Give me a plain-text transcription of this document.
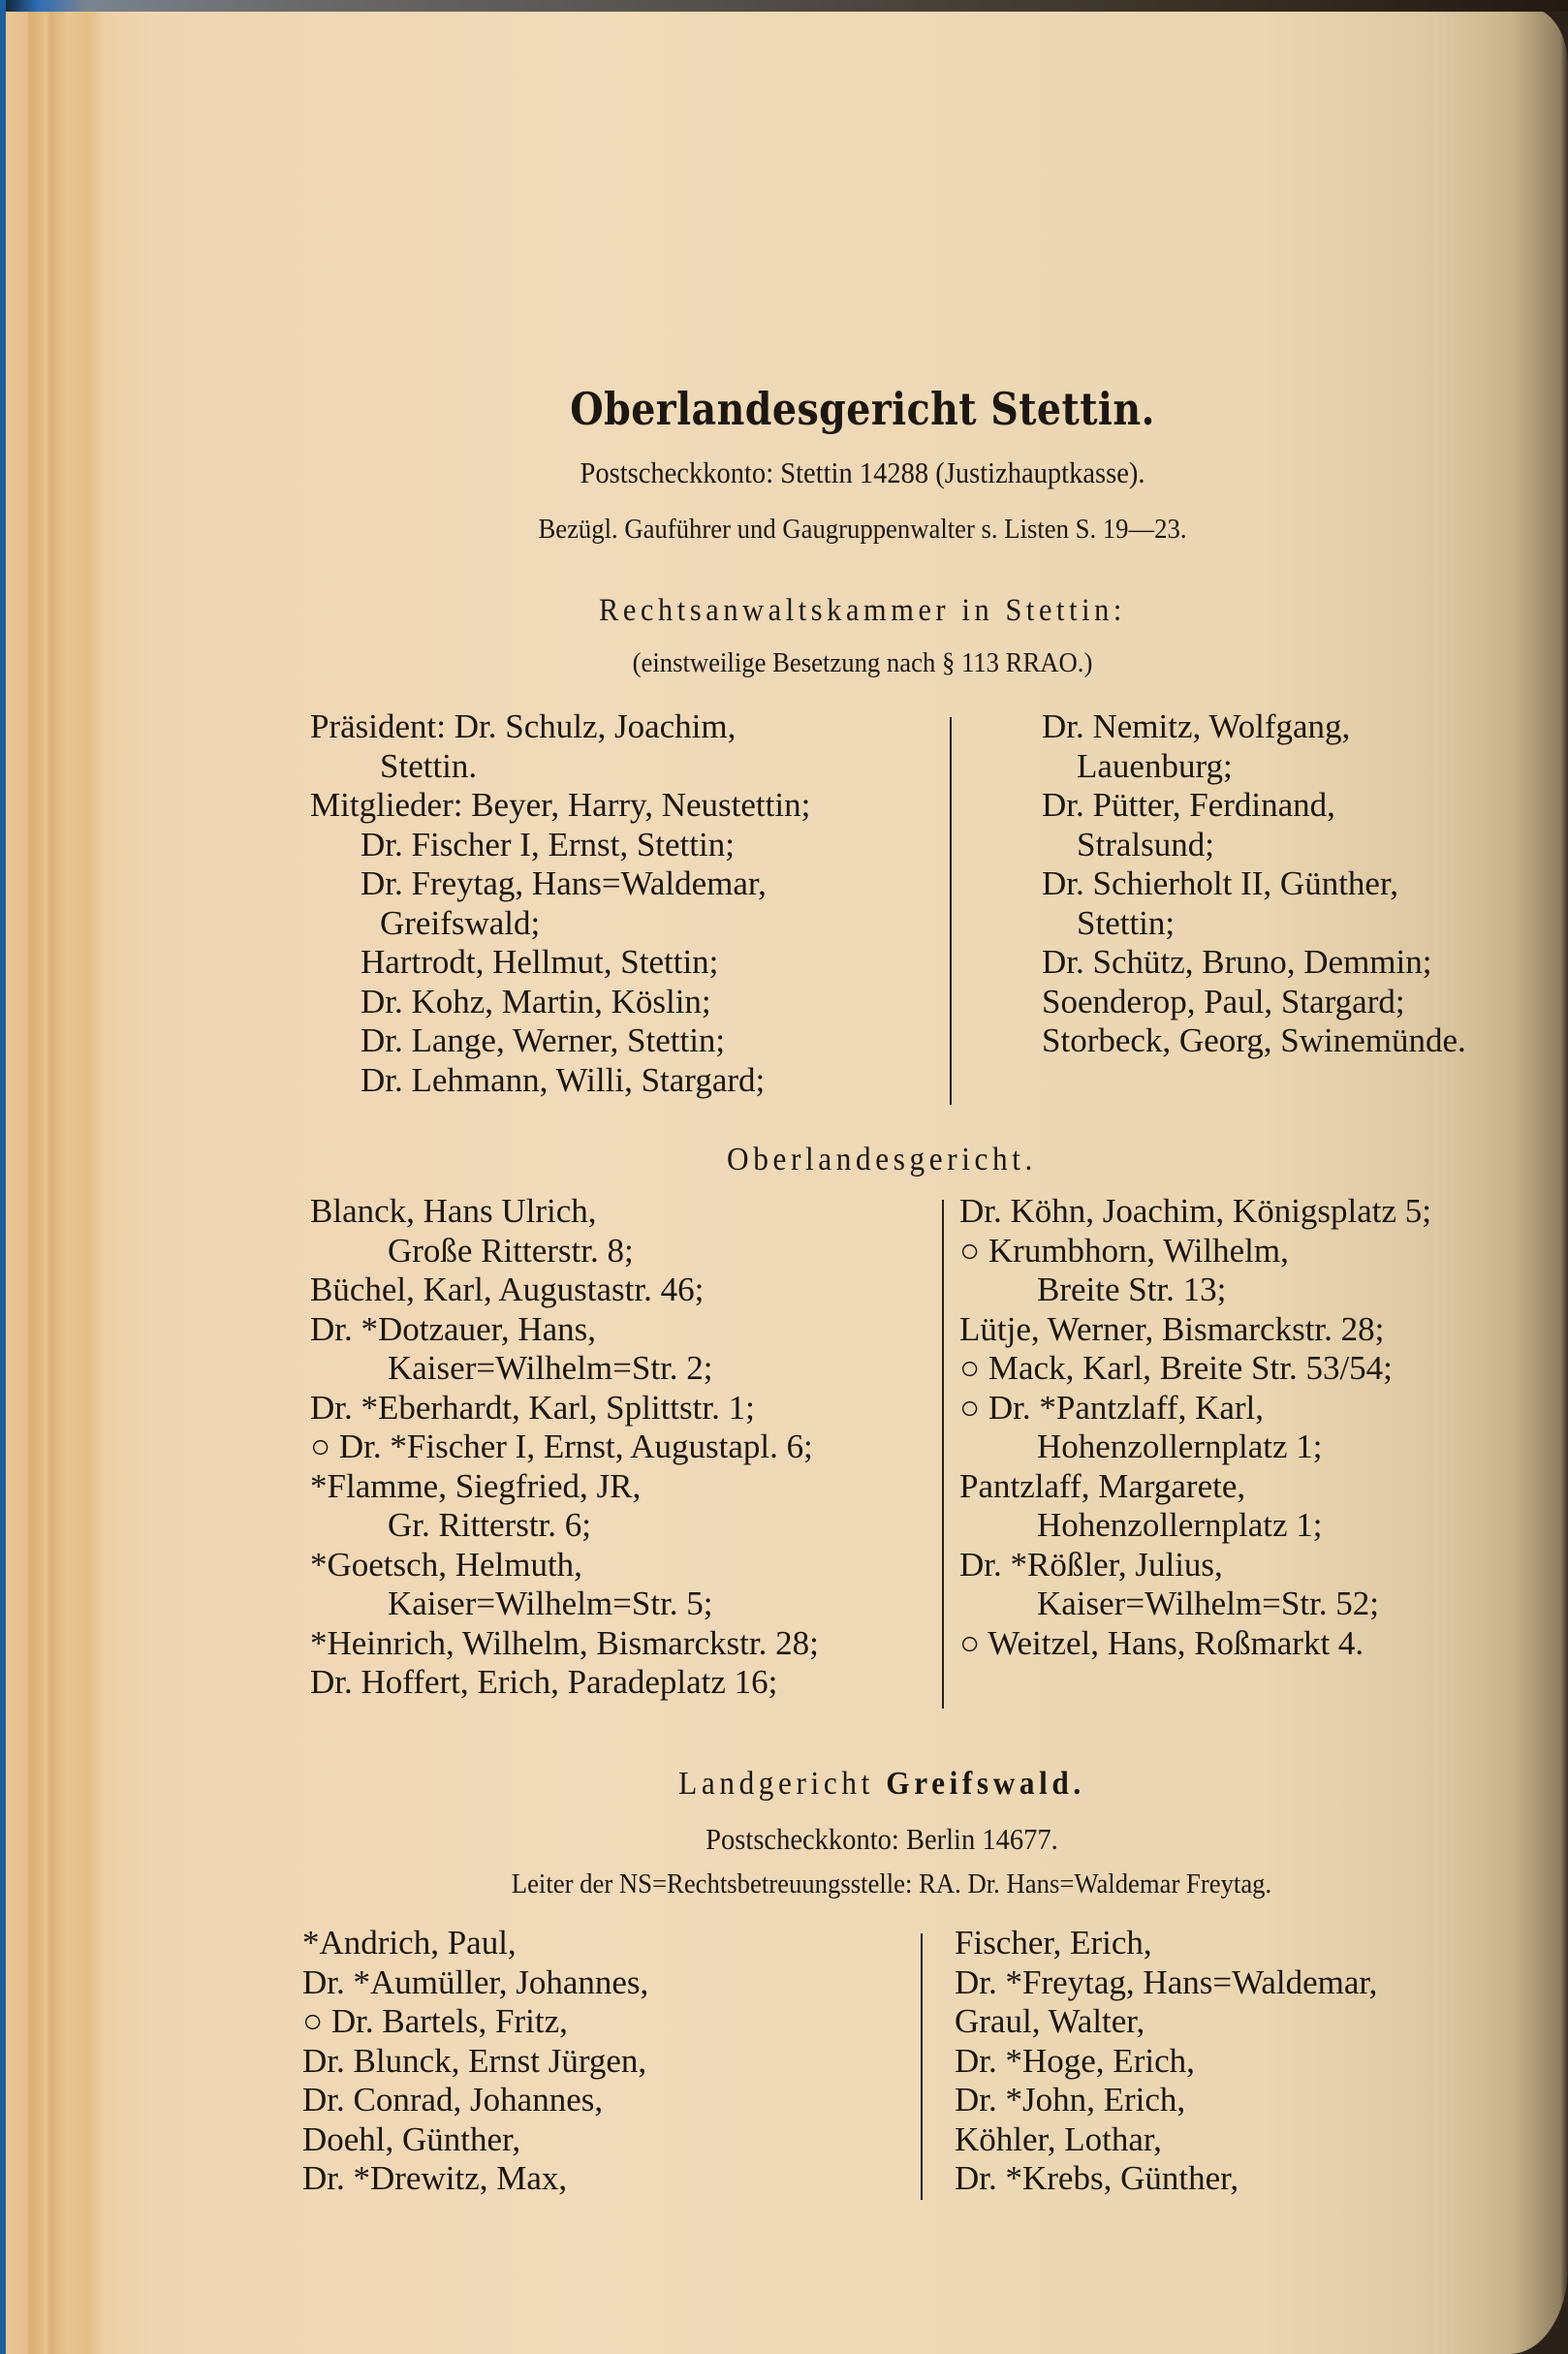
Oberlandesgericht Stettin.
Postscheckkonto: Stettin 14288 (Justizhauptkasse).
Bezügl. Gauführer und Gaugruppenwalter s. Listen S. 19—23.
Rechtsanwaltskammer in Stettin:
(einstweilige Besetzung nach § 113 RRAO.)
Präsident: Dr. Schulz, Joachim,
Stettin.
Mitglieder: Beyer, Harry, Neustettin;
Dr. Fischer I, Ernst, Stettin;
Dr. Freytag, Hans=Waldemar,
Greifswald;
Hartrodt, Hellmut, Stettin;
Dr. Kohz, Martin, Köslin;
Dr. Lange, Werner, Stettin;
Dr. Lehmann, Willi, Stargard;
Dr. Nemitz, Wolfgang,
Lauenburg;
Dr. Pütter, Ferdinand,
Stralsund;
Dr. Schierholt II, Günther,
Stettin;
Dr. Schütz, Bruno, Demmin;
Soenderop, Paul, Stargard;
Storbeck, Georg, Swinemünde.
Oberlandesgericht.
Blanck, Hans Ulrich,
Große Ritterstr. 8;
Büchel, Karl, Augustastr. 46;
Dr. *Dotzauer, Hans,
Kaiser=Wilhelm=Str. 2;
Dr. *Eberhardt, Karl, Splittstr. 1;
○ Dr. *Fischer I, Ernst, Augustapl. 6;
*Flamme, Siegfried, JR,
Gr. Ritterstr. 6;
*Goetsch, Helmuth,
Kaiser=Wilhelm=Str. 5;
*Heinrich, Wilhelm, Bismarckstr. 28;
Dr. Hoffert, Erich, Paradeplatz 16;
Dr. Köhn, Joachim, Königsplatz 5;
○ Krumbhorn, Wilhelm,
Breite Str. 13;
Lütje, Werner, Bismarckstr. 28;
○ Mack, Karl, Breite Str. 53/54;
○ Dr. *Pantzlaff, Karl,
Hohenzollernplatz 1;
Pantzlaff, Margarete,
Hohenzollernplatz 1;
Dr. *Rößler, Julius,
Kaiser=Wilhelm=Str. 52;
○ Weitzel, Hans, Roßmarkt 4.
Landgericht Greifswald.
Postscheckkonto: Berlin 14677.
Leiter der NS=Rechtsbetreuungsstelle: RA. Dr. Hans=Waldemar Freytag.
*Andrich, Paul,
Dr. *Aumüller, Johannes,
○ Dr. Bartels, Fritz,
Dr. Blunck, Ernst Jürgen,
Dr. Conrad, Johannes,
Doehl, Günther,
Dr. *Drewitz, Max,
Fischer, Erich,
Dr. *Freytag, Hans=Waldemar,
Graul, Walter,
Dr. *Hoge, Erich,
Dr. *John, Erich,
Köhler, Lothar,
Dr. *Krebs, Günther,
